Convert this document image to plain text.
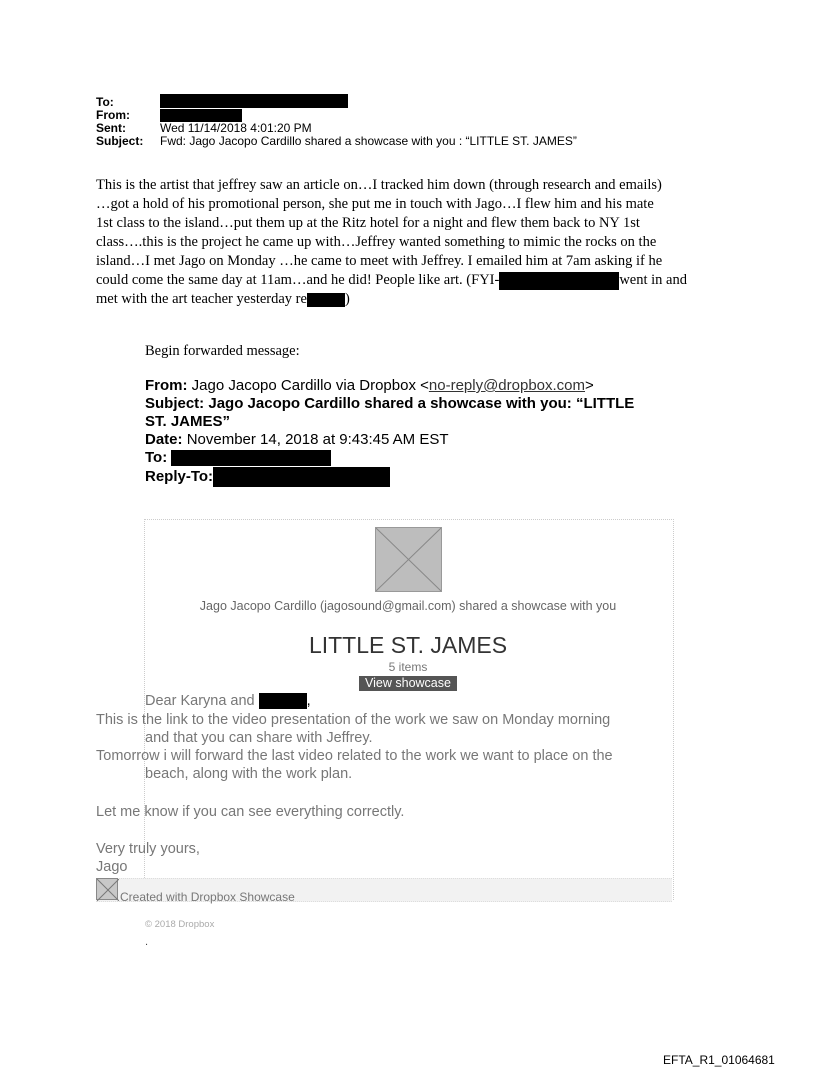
To:
From:
Sent:	Wed 11/14/2018 4:01:20 PM
Subject:	Fwd: Jago Jacopo Cardillo shared a showcase with you : “LITTLE ST. JAMES”
This is the artist that jeffrey saw an article on…I tracked him down (through research and emails)
…got a hold of his promotional person, she put me in touch with Jago…I flew him and his mate
1st class to the island…put them up at the Ritz hotel for a night and flew them back to NY 1st
class….this is the project he came up with…Jeffrey wanted something to mimic the rocks on the
island…I met Jago on Monday …he came to meet with Jeffrey. I emailed him at 7am asking if he
could come the same day at 11am…and he did! People like art. (FYI-	went in and
met with the art teacher yesterday re	)
Begin forwarded message:
From: Jago Jacopo Cardillo via Dropbox <no-reply@dropbox.com>
Subject: Jago Jacopo Cardillo shared a showcase with you: “LITTLE
ST. JAMES”
Date: November 14, 2018 at 9:43:45 AM EST
To:
Reply-To:
Jago Jacopo Cardillo (jagosound@gmail.com) shared a showcase with you
LITTLE ST. JAMES
5 items
View showcase
Dear Karyna and	,
This is the link to the video presentation of the work we saw on Monday morning
and that you can share with Jeffrey.
Tomorrow i will forward the last video related to the work we want to place on the
beach, along with the work plan.
Let me know if you can see everything correctly.
Very truly yours,
Jago
Created with Dropbox Showcase
© 2018 Dropbox
.
EFTA_R1_01064681
